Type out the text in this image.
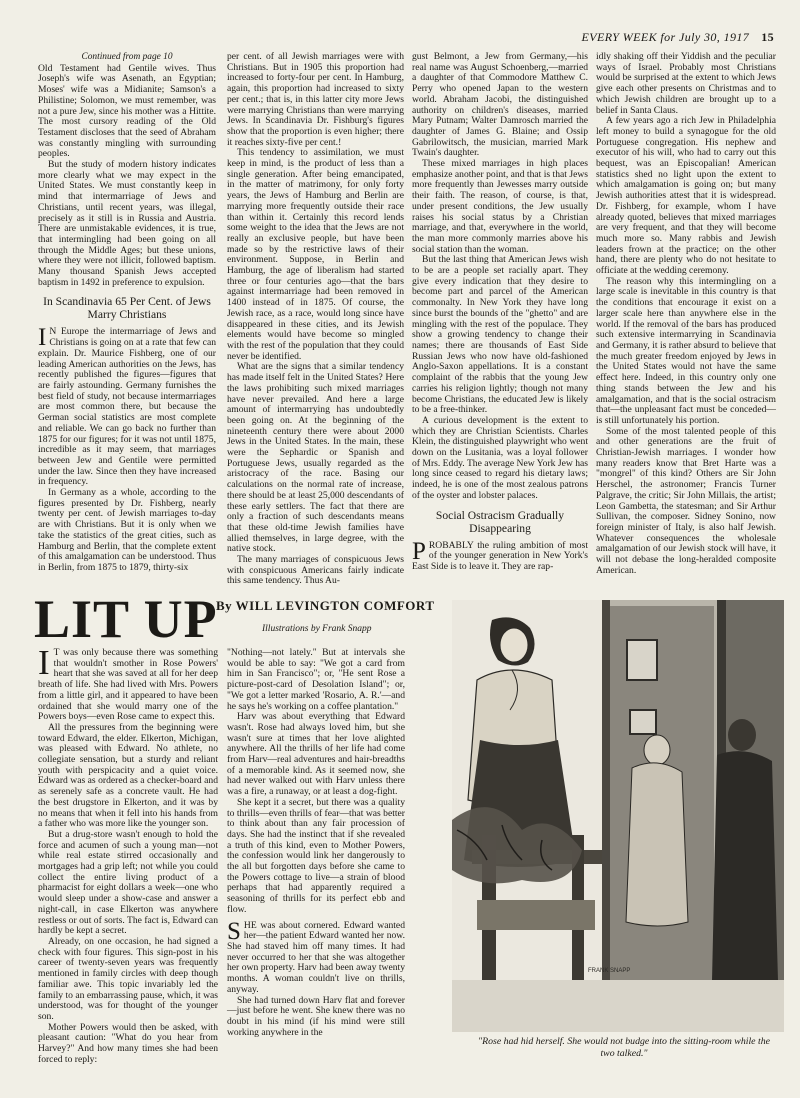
EVERY WEEK for July 30, 1917 15
Continued from page 10

Old Testament had Gentile wives. Thus Joseph's wife was Asenath, an Egyptian; Moses' wife was a Midianite; Samson's a Philistine; Solomon, we must remember, was not a pure Jew, since his mother was a Hittite. The most cursory reading of the Old Testament discloses that the seed of Abraham was constantly mingling with surrounding peoples.

But the study of modern history indicates more clearly what we may expect in the United States. We must constantly keep in mind that intermarriage of Jews and Christians, until recent years, was illegal, precisely as it still is in Russia and Austria. There are unmistakable evidences, it is true, that intermingling had been going on all through the Middle Ages; but these unions, where they were not illicit, followed baptism. Many thousand Spanish Jews accepted baptism in 1492 in preference to expulsion.

In Scandinavia 65 Per Cent. of Jews Marry Christians

I N Europe the intermarriage of Jews and Christians is going on at a rate that few can explain. Dr. Maurice Fishberg, one of our leading American authorities on the Jews, has recently published the figures—figures that are fairly astounding. Germany furnishes the best field of study, not because intermarriages are most common there, but because the German social statistics are most complete and reliable. We can go back no further than 1875 for our figures; for it was not until 1875, incredible as it may seem, that marriages between Jew and Gentile were permitted under the law. Since then they have increased in frequency.

In Germany as a whole, according to the figures presented by Dr. Fishberg, nearly twenty per cent. of Jewish marriages to-day are with Christians. But it is only when we take the statistics of the great cities, such as Hamburg and Berlin, that the complete extent of this amalgamation can be understood. Thus in Berlin, from 1875 to 1879, thirty-six

per cent. of all Jewish marriages were with Christians. But in 1905 this proportion had increased to forty-four per cent. In Hamburg, again, this proportion had increased to sixty per cent.; that is, in this latter city more Jews were marrying Christians than were marrying Jews. In Scandinavia Dr. Fishburg's figures show that the proportion is even higher; there it reaches sixty-five per cent.!

This tendency to assimilation, we must keep in mind, is the product of less than a single generation. After being emancipated, in the matter of matrimony, for only forty years, the Jews of Hamburg and Berlin are marrying more frequently outside their race than within it. Certainly this record lends some weight to the idea that the Jews are not really an exclusive people, but have been made so by the restrictive laws of their environment. Suppose, in Berlin and Hamburg, the age of liberalism had started three or four centuries ago—that the bars against intermarriage had been removed in 1400 instead of in 1875. Of course, the Jewish race, as a race, would long since have disappeared in these cities, and its Jewish elements would have become so mingled with the rest of the population that they could never be identified.

What are the signs that a similar tendency has made itself felt in the United States? Here the laws prohibiting such mixed marriages have never prevailed. And here a large amount of intermarrying has undoubtedly been going on. At the beginning of the nineteenth century there were about 2000 Jews in the United States. In the main, these were the Sephardic or Spanish and Portuguese Jews, usually regarded as the aristocracy of the race. Basing our calculations on the normal rate of increase, there should be at least 25,000 descendants of these early settlers. The fact that there are only a fraction of such descendants means that these old-time Jewish families have allied themselves, in large degree, with the native stock.

The many marriages of conspicuous Jews with conspicuous Americans fairly indicate this same tendency. Thus Au-

gust Belmont, a Jew from Germany,—his real name was August Schoenberg,—married a daughter of that Commodore Matthew C. Perry who opened Japan to the western world. Abraham Jacobi, the distinguished authority on children's diseases, married Mary Putnam; Walter Damrosch married the daughter of James G. Blaine; and Ossip Gabrilowitsch, the musician, married Mark Twain's daughter.

These mixed marriages in high places emphasize another point, and that is that Jews more frequently than Jewesses marry outside their faith. The reason, of course, is that, under present conditions, the Jew usually raises his social status by a Christian marriage, and that, everywhere in the world, the man more commonly marries above his social station than the woman.

But the last thing that American Jews wish to be are a people set racially apart. They give every indication that they desire to become part and parcel of the American commonalty. In New York they have long since burst the bounds of the "ghetto" and are mingling with the rest of the populace. They show a growing tendency to change their names; there are thousands of East Side Russian Jews who now have old-fashioned Anglo-Saxon appellations. It is a constant complaint of the rabbis that the young Jew carries his religion lightly; though not many become Christians, the educated Jew is likely to be a free-thinker.

A curious development is the extent to which they are Christian Scientists. Charles Klein, the distinguished playwright who went down on the Lusitania, was a loyal follower of Mrs. Eddy. The average New York Jew has long since ceased to regard his dietary laws; indeed, he is one of the most zealous patrons of the oyster and lobster palaces.

Social Ostracism Gradually Disappearing

PROBABLY the ruling ambition of most of the younger generation in New York's East Side is to leave it. They are rap-

idly shaking off their Yiddish and the peculiar ways of Israel. Probably most Christians would be surprised at the extent to which Jews give each other presents on Christmas and to which Jewish children are brought up to a belief in Santa Claus.

A few years ago a rich Jew in Philadelphia left money to build a synagogue for the old Portuguese congregation. His nephew and executor of his will, who had to carry out this bequest, was an Episcopalian! American statistics shed no light upon the extent to which amalgamation is going on; but many Jewish authorities attest that it is widespread. Dr. Fishberg, for example, whom I have already quoted, believes that mixed marriages are very frequent, and that they will become much more so. Many rabbis and Jewish leaders frown at the practice; on the other hand, there are plenty who do not hesitate to officiate at the wedding ceremony.

The reason why this intermingling on a large scale is inevitable in this country is that the conditions that encourage it exist on a larger scale here than anywhere else in the world. If the removal of the bars has produced such extensive intermarrying in Scandinavia and Germany, it is rather absurd to believe that the much greater freedom enjoyed by Jews in the United States would not have the same effect here. Indeed, in this country only one thing stands between the Jew and his amalgamation, and that is the social ostracism that—the unpleasant fact must be conceded—is still unfortunately his portion.

Some of the most talented people of this and other generations are the fruit of Christian-Jewish marriages. I wonder how many readers know that Bret Harte was a "mongrel" of this kind? Others are Sir John Herschel, the astronomer; Francis Turner Palgrave, the critic; Sir John Millais, the artist; Leon Gambetta, the statesman; and Sir Arthur Sullivan, the composer. Sidney Sonino, now foreign minister of Italy, is also half Jewish. Whatever consequences the wholesale amalgamation of our Jewish stock will have, it will not debase the long-heralded composite American.

LIT UP
By WILL LEVINGTON COMFORT
Illustrations by Frank Snapp

I T was only because there was something that wouldn't smother in Rose Powers' heart that she was saved at all for her deep breath of life. She had lived with Mrs. Powers from a little girl, and it appeared to have been ordained that she would marry one of the Powers boys—even Rose came to expect this.

All the pressures from the beginning were toward Edward, the elder. Elkerton, Michigan, was pleased with Edward. No athlete, no collegiate sensation, but a sturdy and reliant youth with perspicacity and a quiet voice. Edward was as ordered as a checker-board and as serenely safe as a concrete vault. He had the best drugstore in Elkerton, and it was by no means that when it fell into his hands from a father who was more like the younger son.

But a drug-store wasn't enough to hold the force and acumen of such a young man—not while real estate stirred occasionally and mortgages had a grip left; not while you could collect the entire living product of a pharmacist for eight dollars a week—one who would sleep under a show-case and answer a night-call, in case Elkerton was anywhere restless or out of sorts. The fact is, Edward can hardly be kept a secret.

Already, on one occasion, he had signed a check with four figures. This sign-post in his career of twenty-seven years was frequently mentioned in family circles with deep though familiar awe. This topic invariably led the family to an embarrassing pause, which, it was understood, was for thought of the younger son.

Mother Powers would then be asked, with pleasant caution: "What do you hear from Harvey?" And how many times she had been forced to reply:

"Nothing—not lately." But at intervals she would be able to say: "We got a card from him in San Francisco"; or, "He sent Rose a picture-post-card of Desolation Island"; or, "We got a letter marked 'Rosario, A. R.'—and he says he's working on a coffee plantation."

Harv was about everything that Edward wasn't. Rose had always loved him, but she wasn't sure at times that her love alighted anywhere. All the thrills of her life had come from Harv—real adventures and hair-breadths of a memorable kind. As it seemed now, she had never walked out with Harv unless there was a fire, a runaway, or at least a dog-fight.

She kept it a secret, but there was a quality to thrills—even thrills of fear—that was better to think about than any fair procession of days. She had the instinct that if she revealed a truth of this kind, even to Mother Powers, the confession would link her dangerously to the all but forgotten days before she came to the Powers cottage to live—a strain of blood perhaps that had apparently required a seasoning of thrills for its perfect ebb and flow.

SHE was about cornered. Edward wanted her—the patient Edward wanted her now. She had staved him off many times. It had never occurred to her that she was altogether her own property. Harv had been away twenty months. A woman couldn't live on thrills, anyway.

She had turned down Harv flat and forever—just before he went. She knew there was no doubt in his mind (if his mind were still working anywhere in the

FRANK SNAPP
"Rose had hid herself. She would not budge into the sitting-room while the two talked."
